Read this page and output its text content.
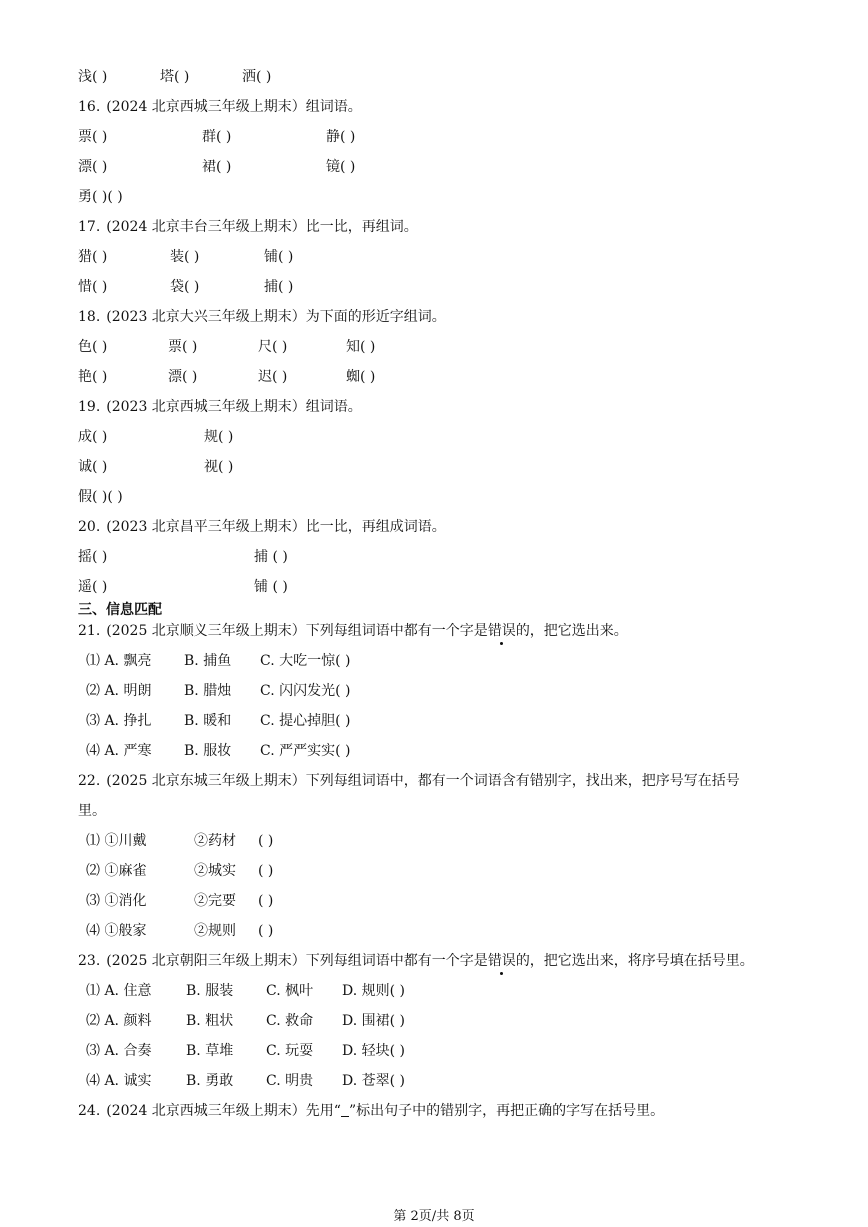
浅( )	塔( )	洒( )
16. (2024 北京西城三年级上期末）组词语。
票( )	群( )	静( )
漂( )	裙( )	镜( )
勇( )( )
17. (2024 北京丰台三年级上期末）比一比，再组词。
猎( )	装( )	铺( )
惜( )	袋( )	捕( )
18. (2023 北京大兴三年级上期末）为下面的形近字组词。
色( )	票( )	尺( )	知( )
艳( )	漂( )	迟( )	蜘( )
19. (2023 北京西城三年级上期末）组词语。
成( )	规( )
诚( )	视( )
假( )( )
20. (2023 北京昌平三年级上期末）比一比，再组成词语。
摇( )	捕 ( )
遥( )	铺 ( )
三、信息匹配
21. (2025 北京顺义三年级上期末）下列每组词语中都有一个字是错误的，把它选出来。
⑴ A. 飘亮 B. 捕鱼 C. 大吃一惊( )
⑵ A. 明朗 B. 腊烛 C. 闪闪发光( )
⑶ A. 挣扎 B. 暖和 C. 提心掉胆( )
⑷ A. 严寒 B. 服妆 C. 严严实实( )
22. (2025 北京东城三年级上期末）下列每组词语中，都有一个词语含有错别字，找出来，把序号写在括号
里。
⑴ ①川戴	②药材 ( )
⑵ ①麻雀	②城实 ( )
⑶ ①消化	②完要 ( )
⑷ ①般家	②规则 ( )
23. (2025 北京朝阳三年级上期末）下列每组词语中都有一个字是错误的，把它选出来，将序号填在括号里。
⑴ A. 住意 B. 服装 C. 枫叶 D. 规则( )
⑵ A. 颜料 B. 粗状 C. 救命 D. 围裙( )
⑶ A. 合奏 B. 草堆 C. 玩耍 D. 轻块( )
⑷ A. 诚实 B. 勇敢 C. 明贵 D. 苍翠( )
24. (2024 北京西城三年级上期末）先用“ ”标出句子中的错别字，再把正确的字写在括号里。
第 2页/共 8页
